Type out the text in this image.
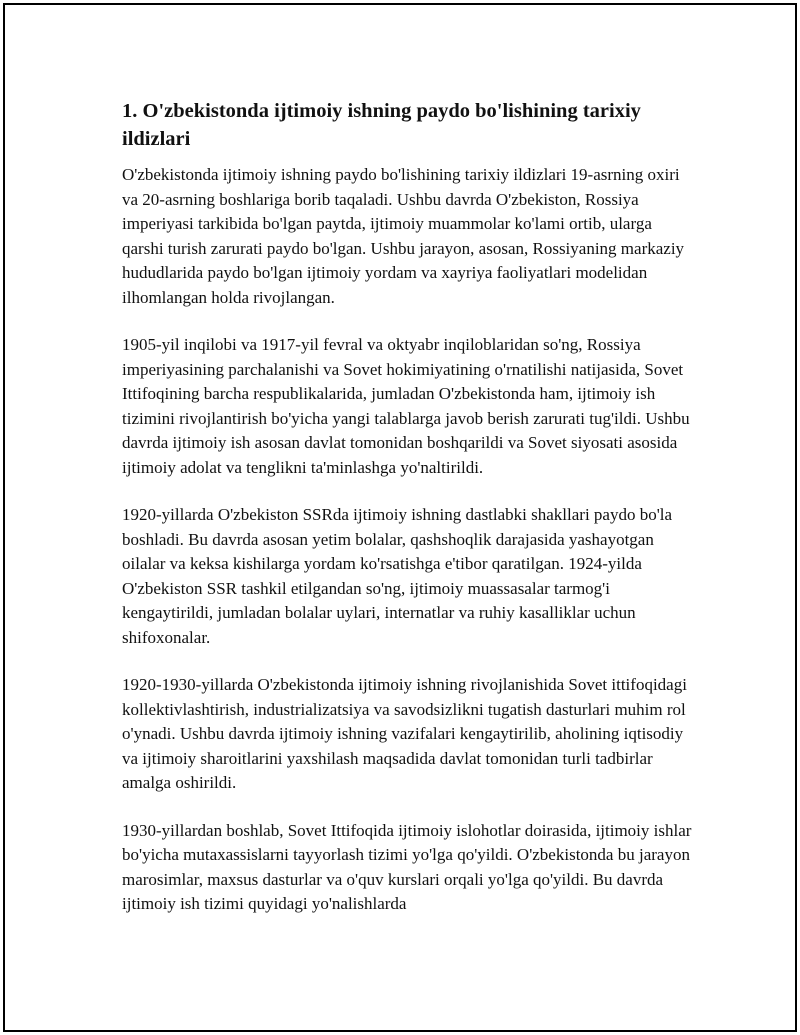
1. O'zbekistonda ijtimoiy ishning paydo bo'lishining tarixiy ildizlari

O'zbekistonda ijtimoiy ishning paydo bo'lishining tarixiy ildizlari 19-asrning oxiri va 20-asrning boshlariga borib taqaladi. Ushbu davrda O'zbekiston, Rossiya imperiyasi tarkibida bo'lgan paytda, ijtimoiy muammolar ko'lami ortib, ularga qarshi turish zarurati paydo bo'lgan. Ushbu jarayon, asosan, Rossiyaning markaziy hududlarida paydo bo'lgan ijtimoiy yordam va xayriya faoliyatlari modelidan ilhomlangan holda rivojlangan.

1905-yil inqilobi va 1917-yil fevral va oktyabr inqiloblaridan so'ng, Rossiya imperiyasining parchalanishi va Sovet hokimiyatining o'rnatilishi natijasida, Sovet Ittifoqining barcha respublikalarida, jumladan O'zbekistonda ham, ijtimoiy ish tizimini rivojlantirish bo'yicha yangi talablarga javob berish zarurati tug'ildi. Ushbu davrda ijtimoiy ish asosan davlat tomonidan boshqarildi va Sovet siyosati asosida ijtimoiy adolat va tenglikni ta'minlashga yo'naltirildi.

1920-yillarda O'zbekiston SSRda ijtimoiy ishning dastlabki shakllari paydo bo'la boshladi. Bu davrda asosan yetim bolalar, qashshoqlik darajasida yashayotgan oilalar va keksa kishilarga yordam ko'rsatishga e'tibor qaratilgan. 1924-yilda O'zbekiston SSR tashkil etilgandan so'ng, ijtimoiy muassasalar tarmog'i kengaytirildi, jumladan bolalar uylari, internatlar va ruhiy kasalliklar uchun shifoxonalar.

1920-1930-yillarda O'zbekistonda ijtimoiy ishning rivojlanishida Sovet ittifoqidagi kollektivlashtirish, industrializatsiya va savodsizlikni tugatish dasturlari muhim rol o'ynadi. Ushbu davrda ijtimoiy ishning vazifalari kengaytirilib, aholining iqtisodiy va ijtimoiy sharoitlarini yaxshilash maqsadida davlat tomonidan turli tadbirlar amalga oshirildi.

1930-yillardan boshlab, Sovet Ittifoqida ijtimoiy islohotlar doirasida, ijtimoiy ishlar bo'yicha mutaxassislarni tayyorlash tizimi yo'lga qo'yildi. O'zbekistonda bu jarayon marosimlar, maxsus dasturlar va o'quv kurslari orqali yo'lga qo'yildi. Bu davrda ijtimoiy ish tizimi quyidagi yo'nalishlarda
